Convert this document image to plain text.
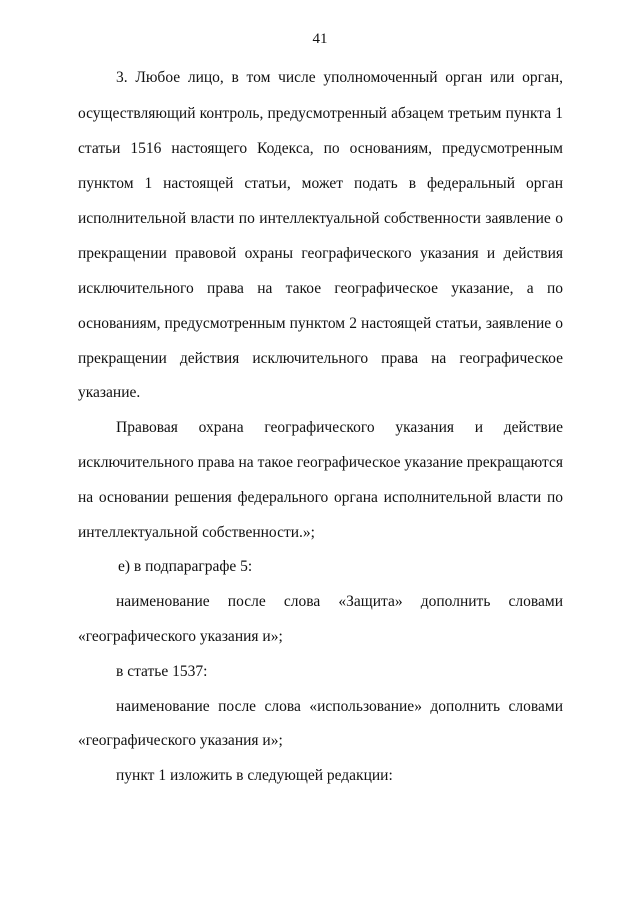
41
3. Любое лицо, в том числе уполномоченный орган или орган,
осуществляющий контроль, предусмотренный абзацем третьим пункта 1
статьи 1516 настоящего Кодекса, по основаниям, предусмотренным
пунктом 1 настоящей статьи, может подать в федеральный орган
исполнительной власти по интеллектуальной собственности заявление о
прекращении правовой охраны географического указания и действия
исключительного права на такое географическое указание, а по
основаниям, предусмотренным пунктом 2 настоящей статьи, заявление о
прекращении действия исключительного права на географическое
указание.
Правовая охрана географического указания и действие
исключительного права на такое географическое указание прекращаются
на основании решения федерального органа исполнительной власти по
интеллектуальной собственности.»;
е) в подпараграфе 5:
наименование после слова «Защита» дополнить словами
«географического указания и»;
в статье 1537:
наименование после слова «использование» дополнить словами
«географического указания и»;
пункт 1 изложить в следующей редакции:
